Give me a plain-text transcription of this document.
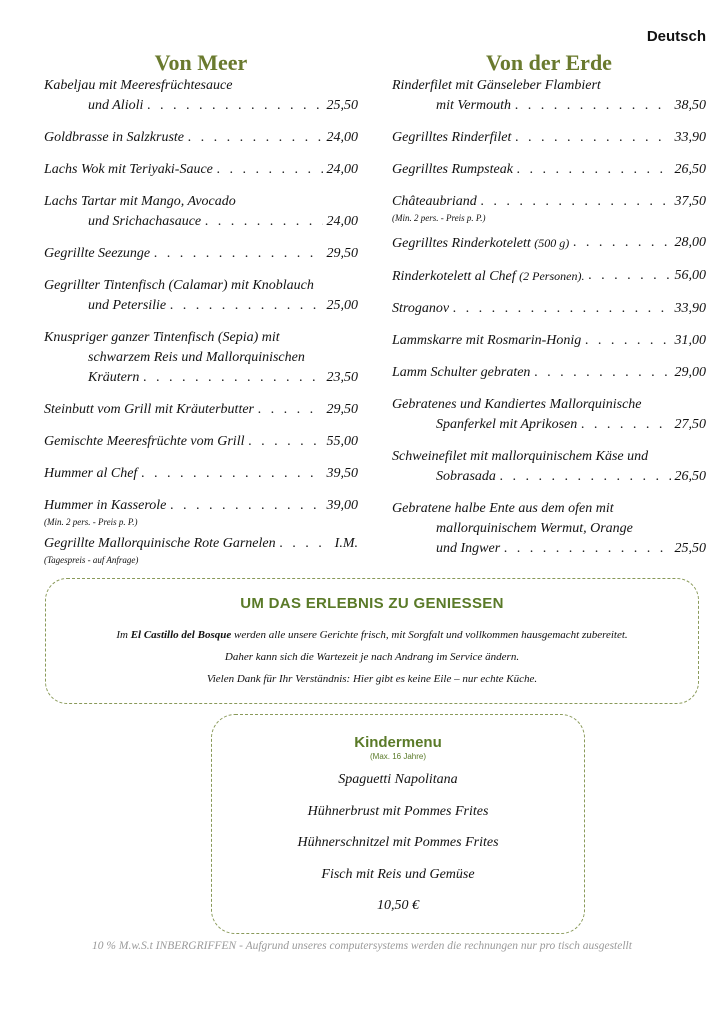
Deutsch
Von Meer
Kabeljau mit Meeresfrüchtesauce
und Alioli . . .	25,50
Goldbrasse in Salzkruste . . .	24,00
Lachs Wok mit Teriyaki-Sauce . . .	24,00
Lachs Tartar mit Mango, Avocado
und Srichachasauce . . .	24,00
Gegrillte Seezunge . . .	29,50
Gegrillter Tintenfisch (Calamar) mit Knoblauch
und Petersilie . . .	25,00
Knuspriger ganzer Tintenfisch (Sepia) mit
schwarzem Reis und Mallorquinischen
Kräutern . . .	23,50
Steinbutt vom Grill mit Kräuterbutter . . .	29,50
Gemischte Meeresfrüchte vom Grill . . .	55,00
Hummer al Chef . . .	39,50
Hummer in Kasserole . . .	39,00
(Min. 2 pers. - Preis p. P.)
Gegrillte Mallorquinische Rote Garnelen . . .	I.M.
(Tagespreis - auf Anfrage)
Von der Erde
Rinderfilet mit Gänseleber Flambiert
mit Vermouth . . .	38,50
Gegrilltes Rinderfilet . . .	33,90
Gegrilltes Rumpsteak . . .	26,50
Châteaubriand . . .	37,50
(Min. 2 pers. - Preis p. P.)
Gegrilltes Rinderkotelett (500 g) . . .	28,00
Rinderkotelett al Chef (2 Personen). . . .	56,00
Stroganov . . .	33,90
Lammskarre mit Rosmarin-Honig . . .	31,00
Lamm Schulter gebraten . . .	29,00
Gebratenes und Kandiertes Mallorquinische
Spanferkel mit Aprikosen . . .	27,50
Schweinefilet mit mallorquinischem Käse und
Sobrasada . . .	26,50
Gebratene halbe Ente aus dem ofen mit
mallorquinischem Wermut, Orange
und Ingwer . . .	25,50
UM DAS ERLEBNIS ZU GENIESSEN
Im El Castillo del Bosque werden alle unsere Gerichte frisch, mit Sorgfalt und vollkommen hausgemacht zubereitet.
Daher kann sich die Wartezeit je nach Andrang im Service ändern.
Vielen Dank für Ihr Verständnis: Hier gibt es keine Eile – nur echte Küche.
Kindermenu
(Max. 16 Jahre)
Spaguetti Napolitana
Hühnerbrust mit Pommes Frites
Hühnerschnitzel mit Pommes Frites
Fisch mit Reis und Gemüse
10,50 €
10 % M.w.S.t INBERGRIFFEN - Aufgrund unseres computersystems werden die rechnungen nur pro tisch ausgestellt
